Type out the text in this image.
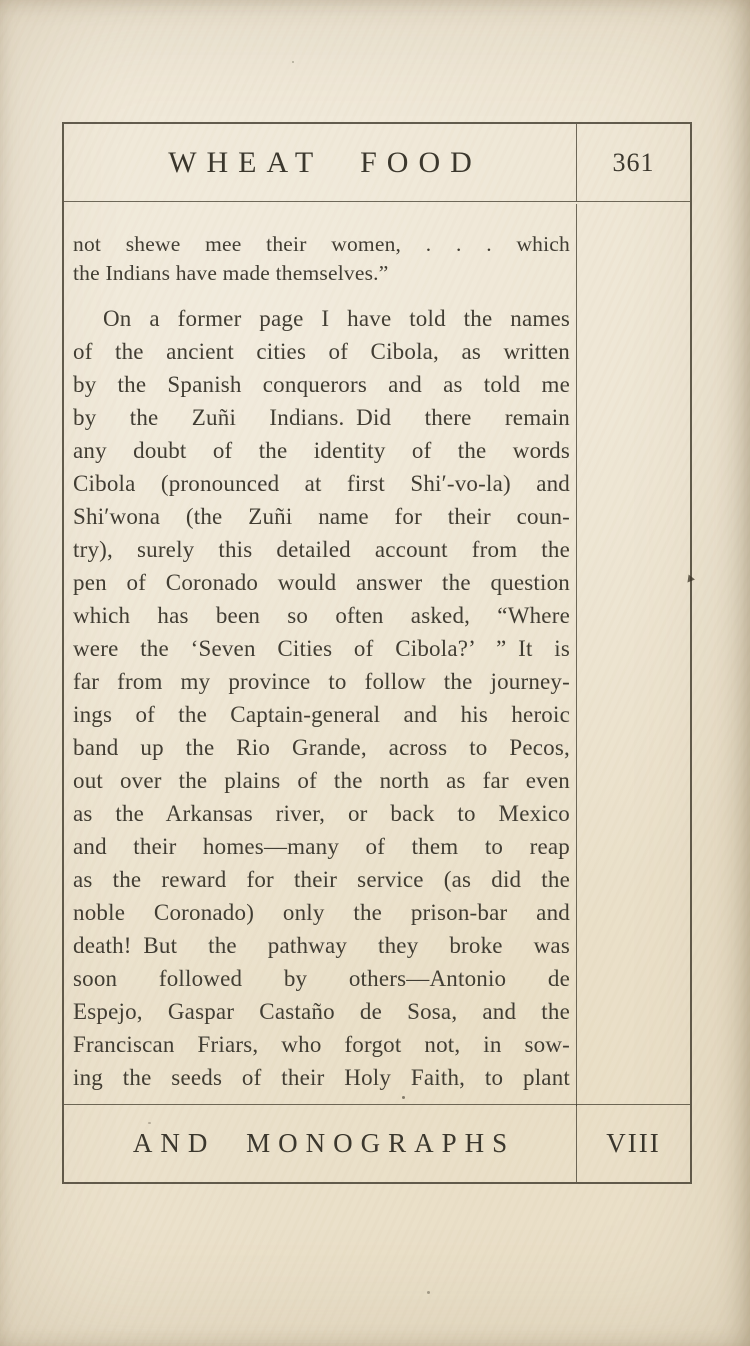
WHEAT FOOD	361
not shewe mee their women, . . . which
the Indians have made themselves.”
On a former page I have told the names
of the ancient cities of Cibola, as written
by the Spanish conquerors and as told me
by the Zuñi Indians. Did there remain
any doubt of the identity of the words
Cibola (pronounced at first Shi′-vo-la) and
Shi′wona (the Zuñi name for their coun-
try), surely this detailed account from the
pen of Coronado would answer the question
which has been so often asked, “Where
were the ‘Seven Cities of Cibola?’ ” It is
far from my province to follow the journey-
ings of the Captain-general and his heroic
band up the Rio Grande, across to Pecos,
out over the plains of the north as far even
as the Arkansas river, or back to Mexico
and their homes—many of them to reap
as the reward for their service (as did the
noble Coronado) only the prison-bar and
death! But the pathway they broke was
soon followed by others—Antonio de
Espejo, Gaspar Castaño de Sosa, and the
Franciscan Friars, who forgot not, in sow-
ing the seeds of their Holy Faith, to plant
AND MONOGRAPHS	VIII
